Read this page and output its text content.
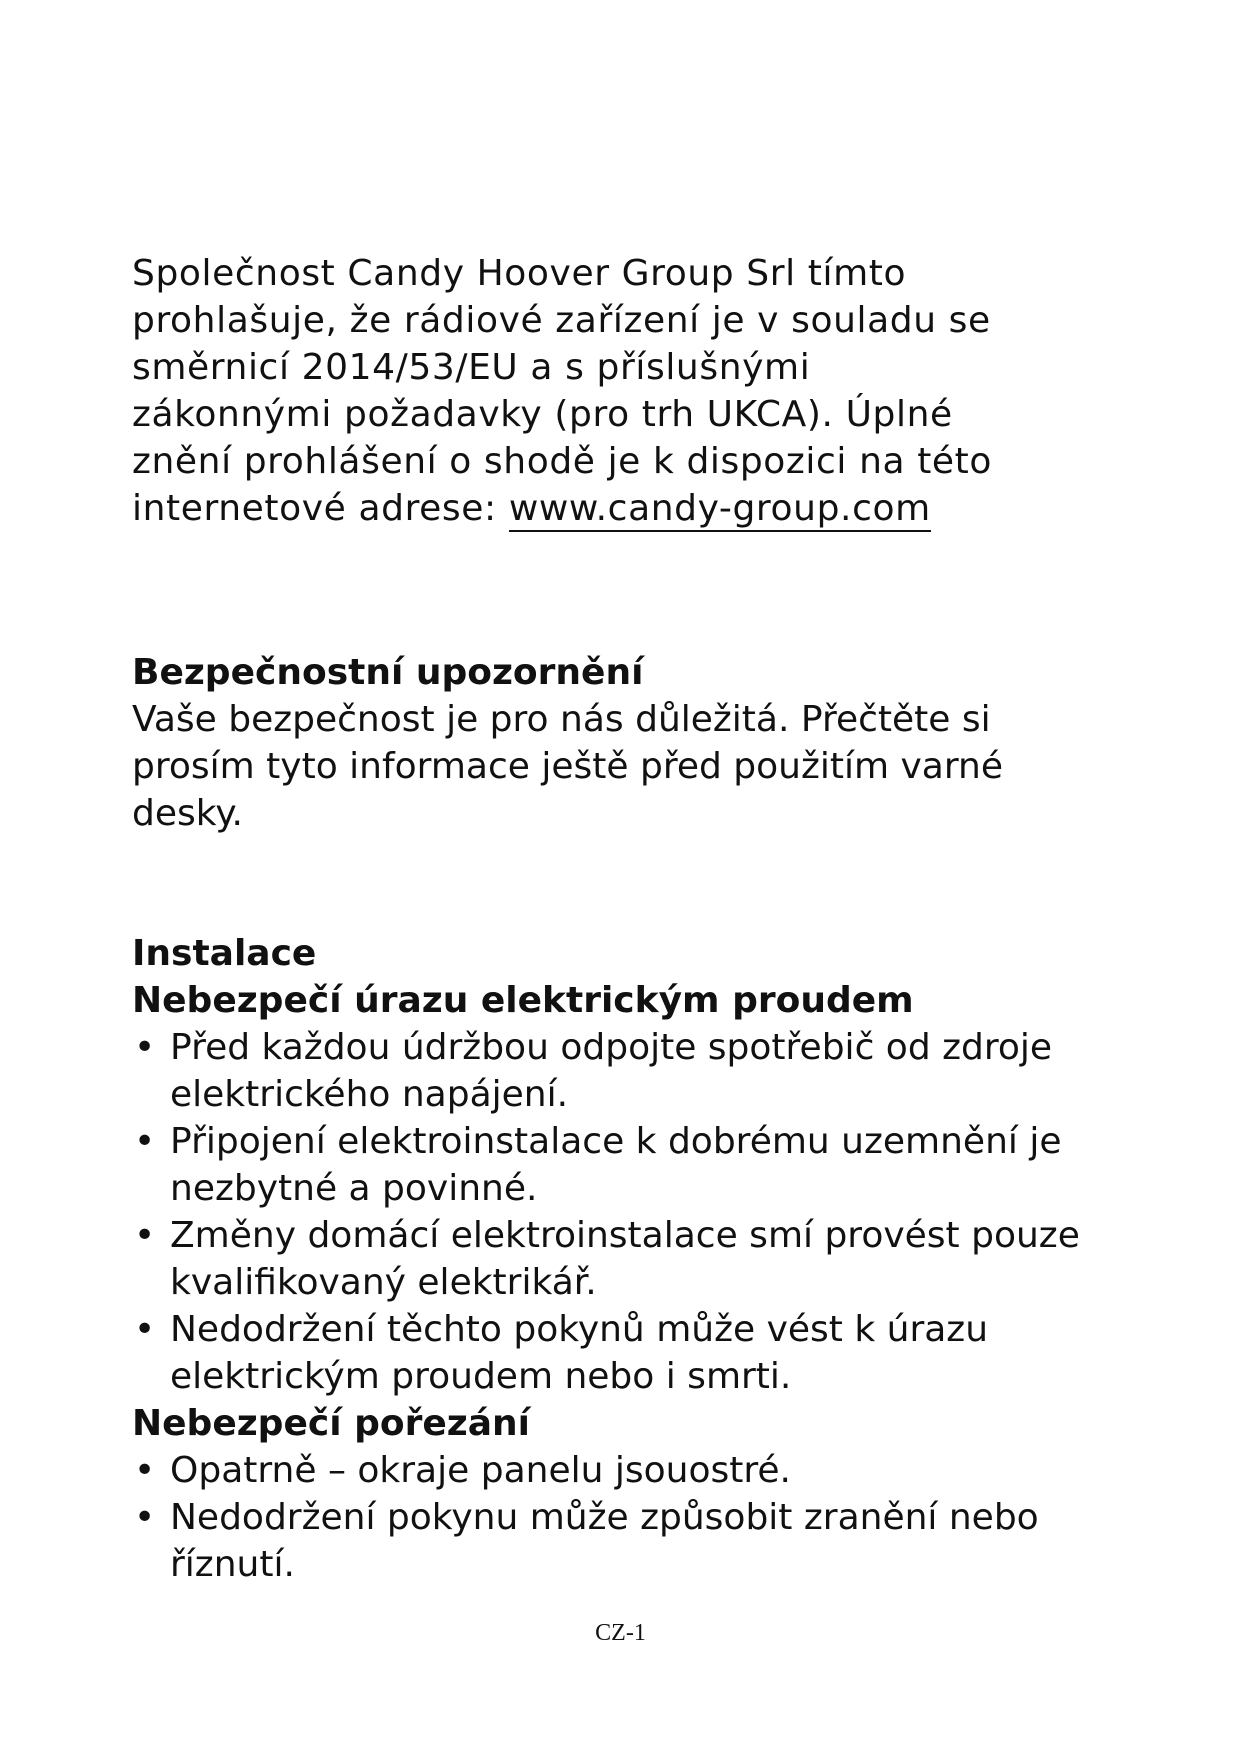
Společnost Candy Hoover Group Srl tímto
prohlašuje, že rádiové zařízení je v souladu se
směrnicí 2014/53/EU a s příslušnými
zákonnými požadavky (pro trh UKCA). Úplné
znění prohlášení o shodě je k dispozici na této
internetové adrese: www.candy-group.com
Bezpečnostní upozornění
Vaše bezpečnost je pro nás důležitá. Přečtěte si
prosím tyto informace ještě před použitím varné
desky.
Instalace
Nebezpečí úrazu elektrickým proudem
• Před každou údržbou odpojte spotřebič od zdroje
elektrického napájení.
• Připojení elektroinstalace k dobrému uzemnění je
nezbytné a povinné.
• Změny domácí elektroinstalace smí provést pouze
kvalifikovaný elektrikář.
• Nedodržení těchto pokynů může vést k úrazu
elektrickým proudem nebo i smrti.
Nebezpečí pořezání
• Opatrně – okraje panelu jsouostré.
• Nedodržení pokynu může způsobit zranění nebo
říznutí.
CZ-1
